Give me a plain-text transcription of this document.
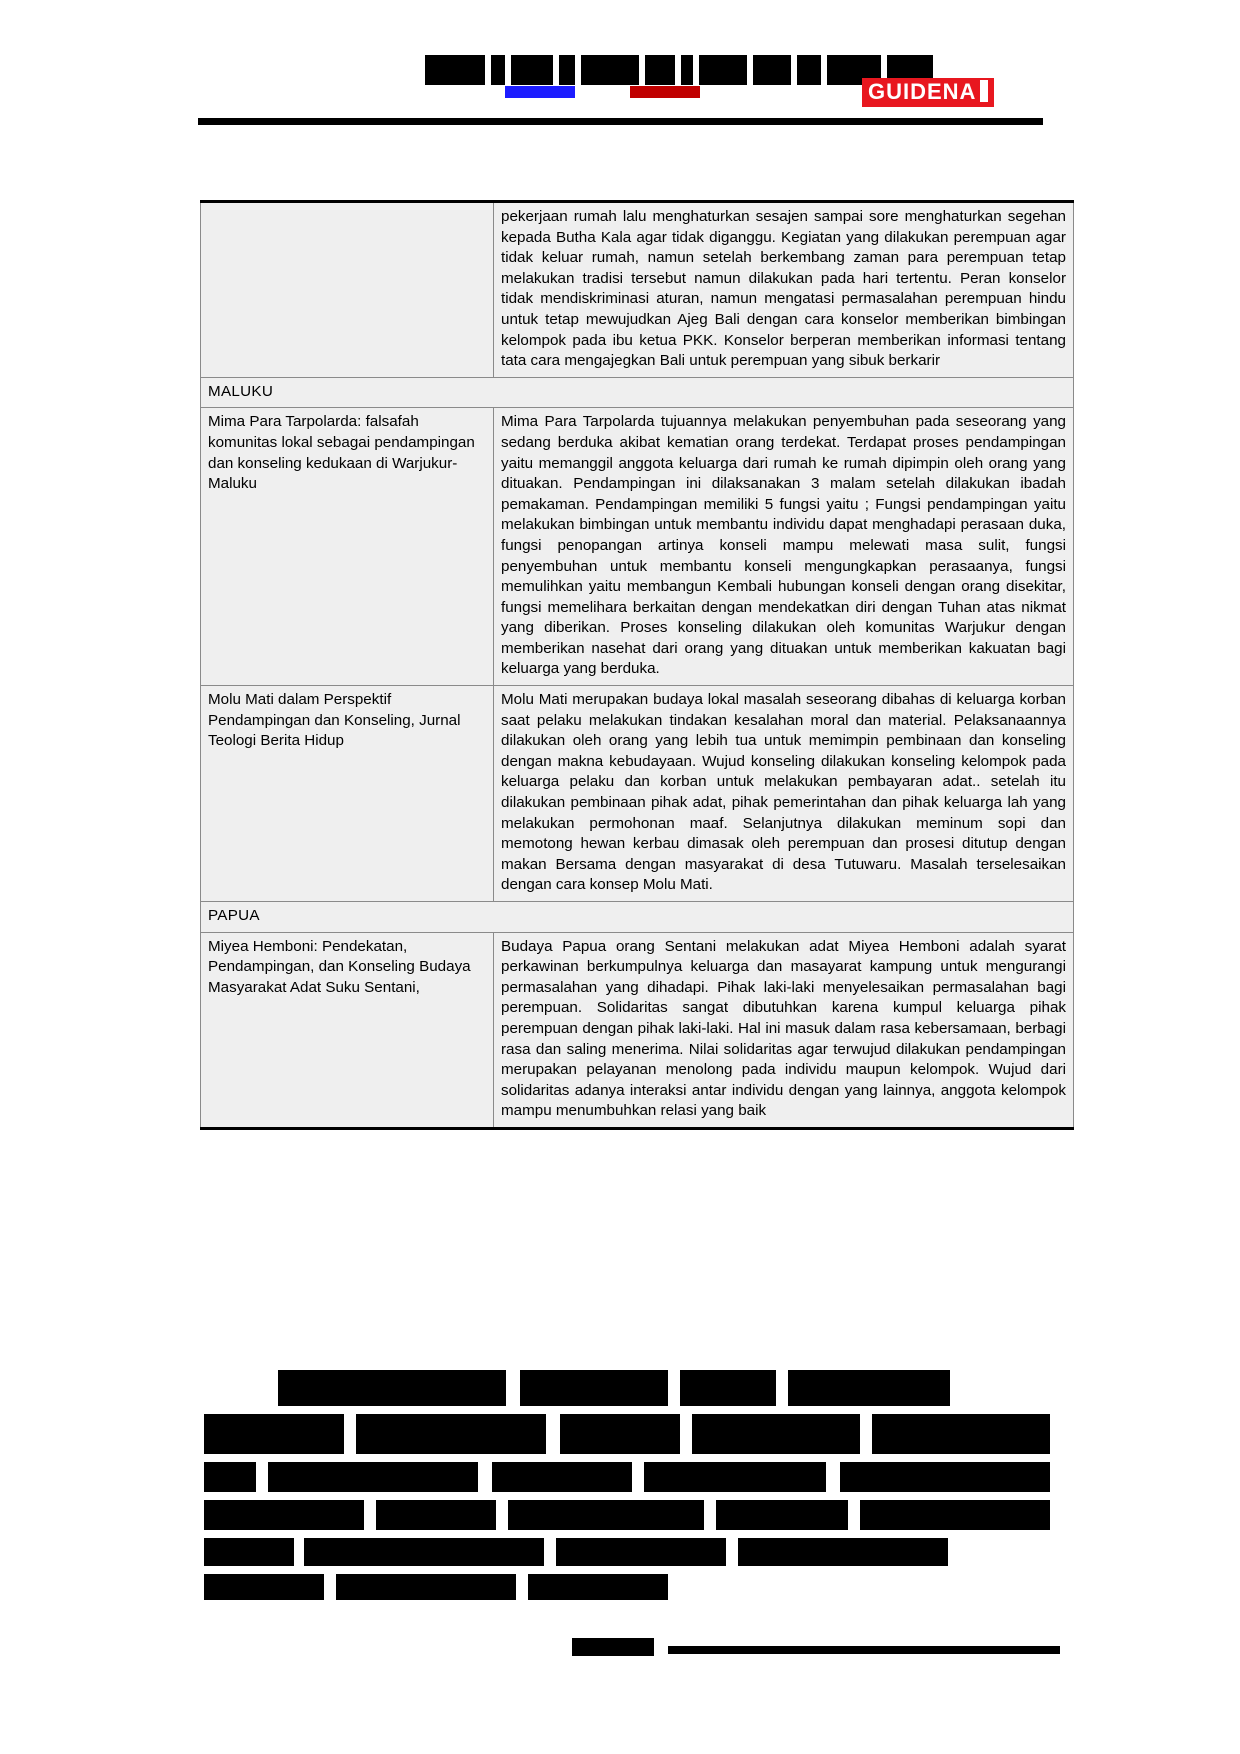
GUIDENA
	pekerjaan rumah lalu menghaturkan sesajen sampai sore menghaturkan segehan kepada Butha Kala agar tidak diganggu. Kegiatan yang dilakukan perempuan agar tidak keluar rumah, namun setelah berkembang zaman para perempuan tetap melakukan tradisi tersebut namun dilakukan pada hari tertentu. Peran konselor tidak mendiskriminasi aturan, namun mengatasi permasalahan perempuan hindu untuk tetap mewujudkan Ajeg Bali dengan cara konselor memberikan bimbingan kelompok pada ibu ketua PKK. Konselor berperan memberikan informasi tentang tata cara mengajegkan Bali untuk perempuan yang sibuk berkarir
MALUKU	
Mima Para Tarpolarda: falsafah komunitas lokal sebagai pendampingan dan konseling kedukaan di Warjukur-Maluku	Mima Para Tarpolarda tujuannya melakukan penyembuhan pada seseorang yang sedang berduka akibat kematian orang terdekat. Terdapat proses pendampingan yaitu memanggil anggota keluarga dari rumah ke rumah dipimpin oleh orang yang dituakan. Pendampingan ini dilaksanakan 3 malam setelah dilakukan ibadah pemakaman. Pendampingan memiliki 5 fungsi yaitu ; Fungsi pendampingan yaitu melakukan bimbingan untuk membantu individu dapat menghadapi perasaan duka, fungsi penopangan artinya konseli mampu melewati masa sulit, fungsi penyembuhan untuk membantu konseli mengungkapkan perasaanya, fungsi memulihkan yaitu membangun Kembali hubungan konseli dengan orang disekitar, fungsi memelihara berkaitan dengan mendekatkan diri dengan Tuhan atas nikmat yang diberikan. Proses konseling dilakukan oleh komunitas Warjukur dengan memberikan nasehat dari orang yang dituakan untuk memberikan kakuatan bagi keluarga yang berduka.
Molu Mati dalam Perspektif Pendampingan dan Konseling, Jurnal Teologi Berita Hidup	Molu Mati merupakan budaya lokal masalah seseorang dibahas di keluarga korban saat pelaku melakukan tindakan kesalahan moral dan material. Pelaksanaannya dilakukan oleh orang yang lebih tua untuk memimpin pembinaan dan konseling dengan makna kebudayaan. Wujud konseling dilakukan konseling kelompok pada keluarga pelaku dan korban untuk melakukan pembayaran adat.. setelah itu dilakukan pembinaan pihak adat, pihak pemerintahan dan pihak keluarga lah yang melakukan permohonan maaf. Selanjutnya dilakukan meminum sopi dan memotong hewan kerbau dimasak oleh perempuan dan prosesi ditutup dengan makan Bersama dengan masyarakat di desa Tutuwaru. Masalah terselesaikan dengan cara konsep Molu Mati.
PAPUA	
Miyea Hemboni: Pendekatan, Pendampingan, dan Konseling Budaya Masyarakat Adat Suku Sentani,	Budaya Papua orang Sentani melakukan adat Miyea Hemboni adalah syarat perkawinan berkumpulnya keluarga dan masayarat kampung untuk mengurangi permasalahan yang dihadapi. Pihak laki-laki menyelesaikan permasalahan bagi perempuan. Solidaritas sangat dibutuhkan karena kumpul keluarga pihak perempuan dengan pihak laki-laki. Hal ini masuk dalam rasa kebersamaan, berbagi rasa dan saling menerima. Nilai solidaritas agar terwujud dilakukan pendampingan merupakan pelayanan menolong pada individu maupun kelompok. Wujud dari solidaritas adanya interaksi antar individu dengan yang lainnya, anggota kelompok mampu menumbuhkan relasi yang baik
